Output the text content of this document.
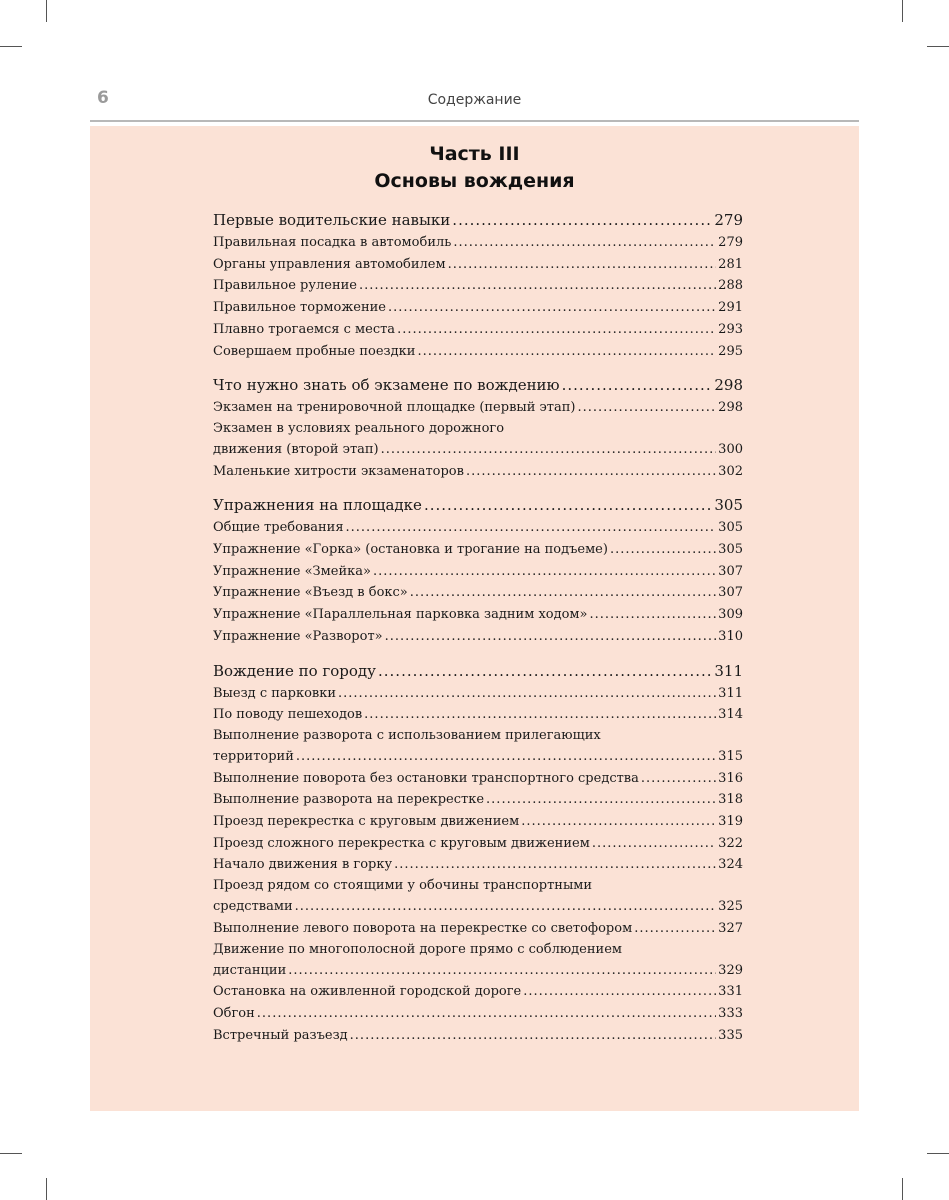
6	Содержание
Часть III
Основы вождения
Первые водительские навыки .....	279
Правильная посадка в автомобиль .....	279
Органы управления автомобилем .....	281
Правильное руление .....	288
Правильное торможение .....	291
Плавно трогаемся с места .....	293
Совершаем пробные поездки .....	295
Что нужно знать об экзамене по вождению .....	298
Экзамен на тренировочной площадке (первый этап) .....	298
Экзамен в условиях реального дорожного
движения (второй этап) .....	300
Маленькие хитрости экзаменаторов .....	302
Упражнения на площадке .....	305
Общие требования .....	305
Упражнение «Горка» (остановка и трогание на подъеме) .....	305
Упражнение «Змейка» .....	307
Упражнение «Въезд в бокс» .....	307
Упражнение «Параллельная парковка задним ходом» .....	309
Упражнение «Разворот» .....	310
Вождение по городу .....	311
Выезд с парковки .....	311
По поводу пешеходов .....	314
Выполнение разворота с использованием прилегающих
территорий .....	315
Выполнение поворота без остановки транспортного средства .....	316
Выполнение разворота на перекрестке .....	318
Проезд перекрестка с круговым движением .....	319
Проезд сложного перекрестка с круговым движением .....	322
Начало движения в горку .....	324
Проезд рядом со стоящими у обочины транспортными
средствами .....	325
Выполнение левого поворота на перекрестке со светофором .....	327
Движение по многополосной дороге прямо с соблюдением
дистанции .....	329
Остановка на оживленной городской дороге .....	331
Обгон .....	333
Встречный разъезд .....	335
